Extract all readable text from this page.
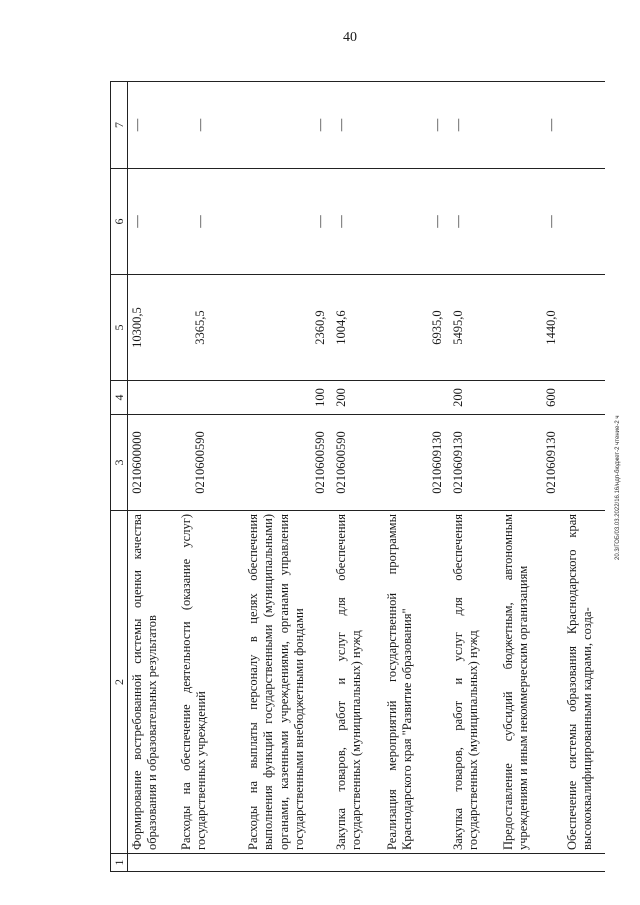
40
20.3/ГОБ/03.03.2022/16.16/ндп-бюджет-2 чтение-2 ч
1	2	3	4	5	6	7
	Формирование востребованной системы оценки качества образования и образовательных результатов	0210600000		10300,5	—	—
	Расходы на обеспечение деятельности (оказание услуг) государственных учреждений	0210600590		3365,5	—	—
	Расходы на выплаты персоналу в целях обеспечения выполнения функций государственными (муниципальными) органами, казенными учреждениями, органами управления государственными внебюджетными фондами	0210600590	100	2360,9	—	—
	Закупка товаров, работ и услуг для обеспечения государственных (муниципальных) нужд	0210600590	200	1004,6	—	—
	Реализация мероприятий государственной программы Краснодарского края "Развитие образования"	0210609130		6935,0	—	—
	Закупка товаров, работ и услуг для обеспечения государственных (муниципальных) нужд	0210609130	200	5495,0	—	—
	Предоставление субсидий бюджетным, автономным учреждениям и иным некоммерческим организациям	0210609130	600	1440,0	—	—
	Обеспечение системы образования Краснодарского края высококвалифицированными кадрами, созда-					
